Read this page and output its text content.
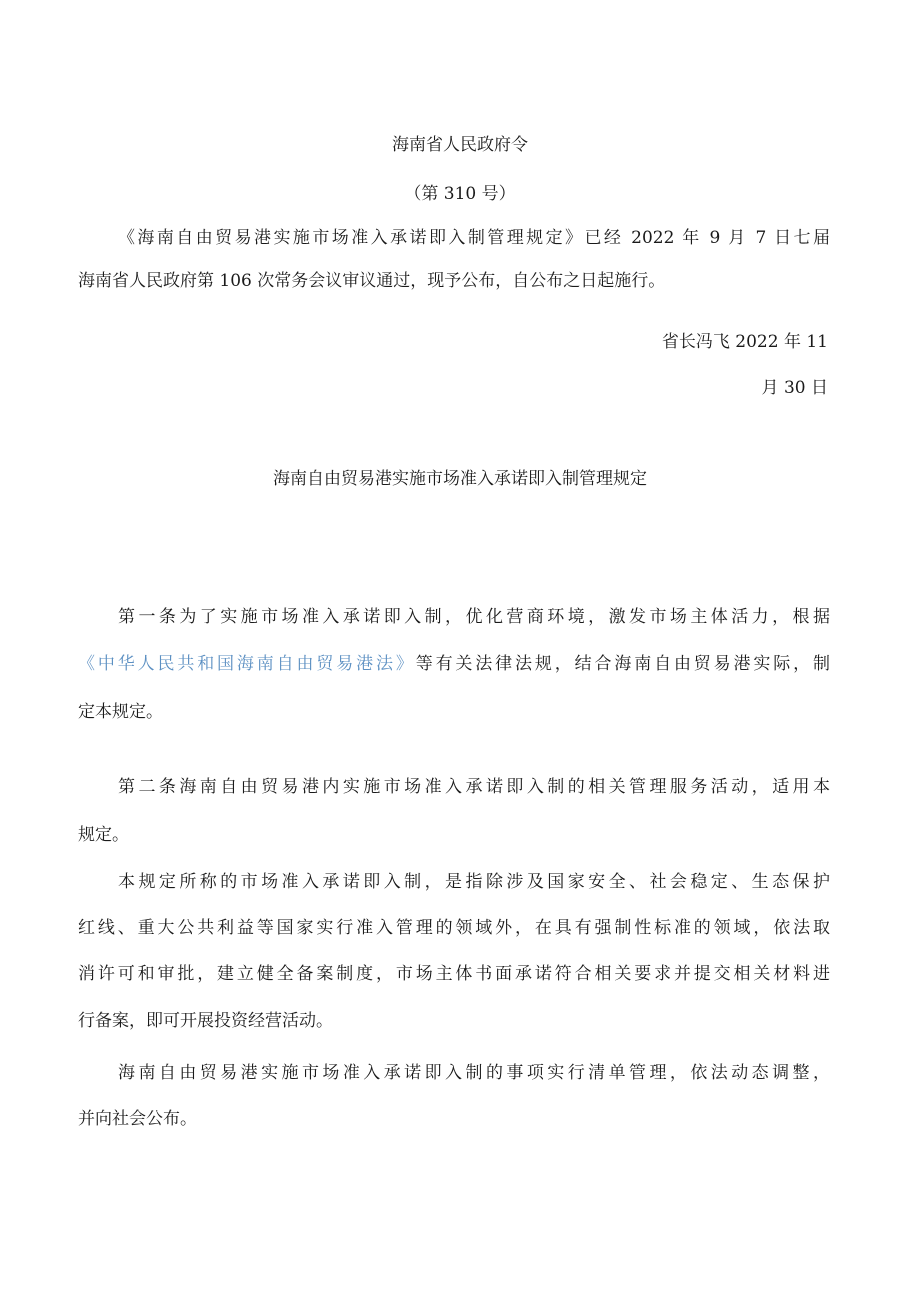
海南省人民政府令

（第 310 号）

《海南自由贸易港实施市场准入承诺即入制管理规定》已经 2022 年 9 月 7 日七届

海南省人民政府第 106 次常务会议审议通过，现予公布，自公布之日起施行。

省长冯飞 2022 年 11

月 30 日

海南自由贸易港实施市场准入承诺即入制管理规定

第一条为了实施市场准入承诺即入制，优化营商环境，激发市场主体活力，根据

《中华人民共和国海南自由贸易港法》等有关法律法规，结合海南自由贸易港实际，制

定本规定。

第二条海南自由贸易港内实施市场准入承诺即入制的相关管理服务活动，适用本

规定。

本规定所称的市场准入承诺即入制，是指除涉及国家安全、社会稳定、生态保护

红线、重大公共利益等国家实行准入管理的领域外，在具有强制性标准的领域，依法取

消许可和审批，建立健全备案制度，市场主体书面承诺符合相关要求并提交相关材料进

行备案，即可开展投资经营活动。

海南自由贸易港实施市场准入承诺即入制的事项实行清单管理，依法动态调整，

并向社会公布。
